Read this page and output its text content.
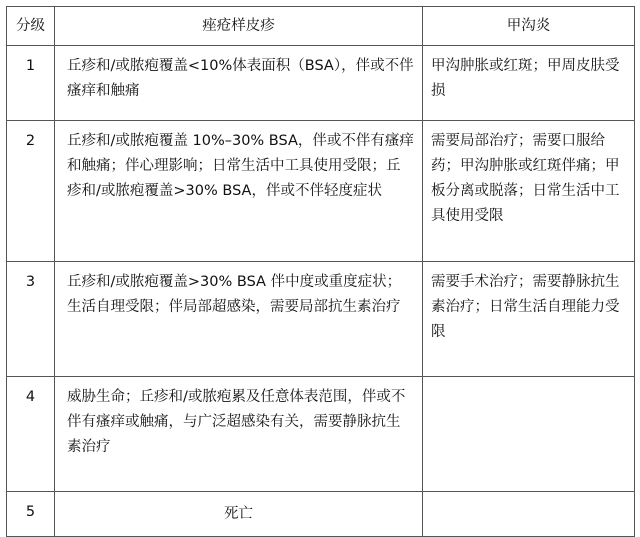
分级	痤疮样皮疹	甲沟炎
1	丘疹和/或脓疱覆盖<10%体表面积（BSA），伴或不伴瘙痒和触痛	甲沟肿胀或红斑；甲周皮肤受损

2	丘疹和/或脓疱覆盖 10%–30% BSA，伴或不伴有瘙痒和触痛；伴心理影响；日常生活中工具使用受限；丘疹和/或脓疱覆盖>30% BSA，伴或不伴轻度症状	需要局部治疗；需要口服给药；甲沟肿胀或红斑伴痛；甲板分离或脱落；日常生活中工具使用受限

3	丘疹和/或脓疱覆盖>30% BSA 伴中度或重度症状；生活自理受限；伴局部超感染，需要局部抗生素治疗	需要手术治疗；需要静脉抗生素治疗；日常生活自理能力受限

4	威胁生命；丘疹和/或脓疱累及任意体表范围，伴或不伴有瘙痒或触痛，与广泛超感染有关，需要静脉抗生素治疗	

5	死亡	
